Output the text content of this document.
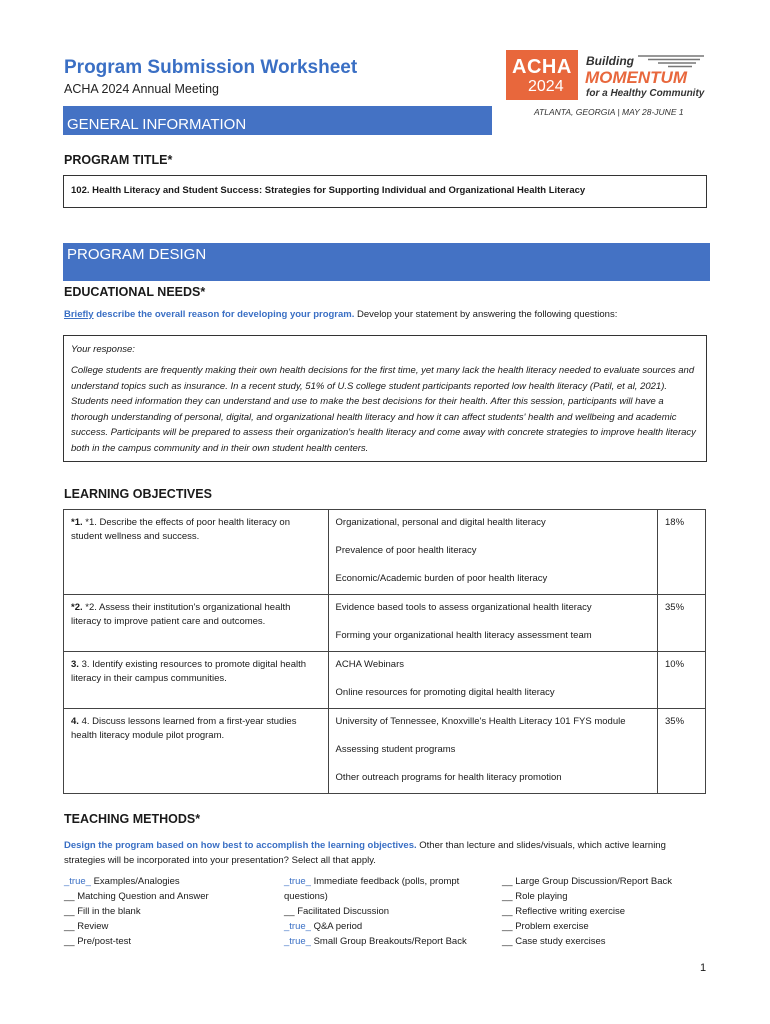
Program Submission Worksheet
ACHA 2024 Annual Meeting
ACHA
2024
Building
MOMENTUM
for a Healthy Community
ATLANTA, GEORGIA | MAY 28-JUNE 1
GENERAL INFORMATION
PROGRAM TITLE*
102. Health Literacy and Student Success: Strategies for Supporting Individual and Organizational Health Literacy
PROGRAM DESIGN
EDUCATIONAL NEEDS*
Briefly describe the overall reason for developing your program. Develop your statement by answering the following questions:
Your response:
College students are frequently making their own health decisions for the first time, yet many lack the health literacy needed to evaluate sources and understand topics such as insurance. In a recent study, 51% of U.S college student participants reported low health literacy (Patil, et al, 2021). Students need information they can understand and use to make the best decisions for their health. After this session, participants will have a thorough understanding of personal, digital, and organizational health literacy and how it can affect students' health and wellbeing and academic success. Participants will be prepared to assess their organization's health literacy and come away with concrete strategies to improve health literacy both in the campus community and in their own student health centers.
LEARNING OBJECTIVES
*1. *1. Describe the effects of poor health literacy on student wellness and success.	Organizational, personal and digital health literacy
Prevalence of poor health literacy
Economic/Academic burden of poor health literacy	18%
*2. *2. Assess their institution's organizational health literacy to improve patient care and outcomes.	Evidence based tools to assess organizational health literacy
Forming your organizational health literacy assessment team	35%
3. 3. Identify existing resources to promote digital health literacy in their campus communities.	ACHA Webinars
Online resources for promoting digital health literacy	10%
4. 4. Discuss lessons learned from a first-year studies health literacy module pilot program.	University of Tennessee, Knoxville's Health Literacy 101 FYS module
Assessing student programs
Other outreach programs for health literacy promotion	35%
TEACHING METHODS*
Design the program based on how best to accomplish the learning objectives. Other than lecture and slides/visuals, which active learning strategies will be incorporated into your presentation? Select all that apply.
_true_ Examples/Analogies
__ Matching Question and Answer
__ Fill in the blank
__ Review
__ Pre/post-test
_true_ Immediate feedback (polls, prompt
questions)
__ Facilitated Discussion
_true_ Q&A period
_true_ Small Group Breakouts/Report Back
__ Large Group Discussion/Report Back
__ Role playing
__ Reflective writing exercise
__ Problem exercise
__ Case study exercises
1
